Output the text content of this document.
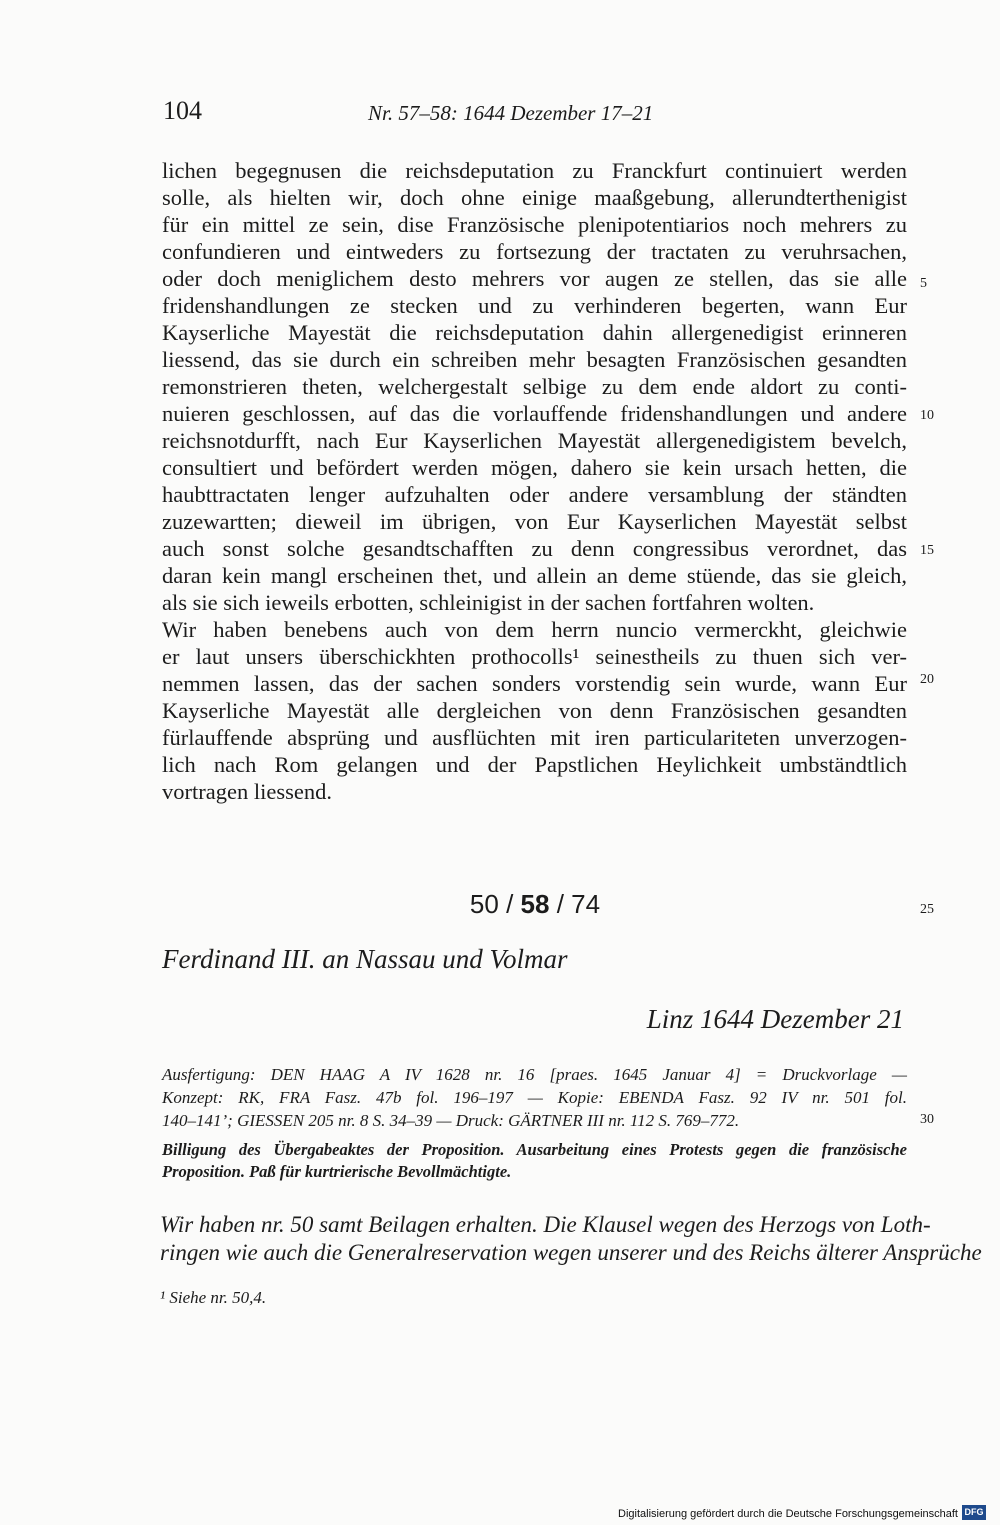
104	Nr. 57–58: 1644 Dezember 17–21
lichen begegnusen die reichsdeputation zu Franckfurt continuiert werden
solle, als hielten wir, doch ohne einige maaßgebung, allerundterthenigist
für ein mittel ze sein, dise Französische plenipotentiarios noch mehrers zu
confundieren und eintweders zu fortsezung der tractaten zu veruhrsachen,
oder doch meniglichem desto mehrers vor augen ze stellen, das sie alle
fridenshandlungen ze stecken und zu verhinderen begerten, wann Eur
Kayserliche Mayestät die reichsdeputation dahin allergenedigist erinneren
liessend, das sie durch ein schreiben mehr besagten Französischen gesandten
remonstrieren theten, welchergestalt selbige zu dem ende aldort zu conti-
nuieren geschlossen, auf das die vorlauffende fridenshandlungen und andere
reichsnotdurfft, nach Eur Kayserlichen Mayestät allergenedigistem bevelch,
consultiert und befördert werden mögen, dahero sie kein ursach hetten, die
haubttractaten lenger aufzuhalten oder andere versamblung der ständten
zuzewartten; dieweil im übrigen, von Eur Kayserlichen Mayestät selbst
auch sonst solche gesandtschafften zu denn congressibus verordnet, das
daran kein mangl erscheinen thet, und allein an deme stüende, das sie gleich,
als sie sich ieweils erbotten, schleinigist in der sachen fortfahren wolten.
Wir haben benebens auch von dem herrn nuncio vermerckht, gleichwie
er laut unsers überschickhten prothocolls¹ seinestheils zu thuen sich ver-
nemmen lassen, das der sachen sonders vorstendig sein wurde, wann Eur
Kayserliche Mayestät alle dergleichen von denn Französischen gesandten
fürlauffende absprüng und ausflüchten mit iren particulariteten unverzogen-
lich nach Rom gelangen und der Papstlichen Heylichkeit umbständtlich
vortragen liessend.
5
10
15
20
25
30
50 / 58 / 74
Ferdinand III. an Nassau und Volmar
Linz 1644 Dezember 21
Ausfertigung: DEN HAAG A IV 1628 nr. 16 [praes. 1645 Januar 4] = Druckvorlage —
Konzept: RK, FRA Fasz. 47b fol. 196–197 — Kopie: EBENDA Fasz. 92 IV nr. 501 fol.
140–141’; GIESSEN 205 nr. 8 S. 34–39 — Druck: GÄRTNER III nr. 112 S. 769–772.
Billigung des Übergabeaktes der Proposition. Ausarbeitung eines Protests gegen die französische
Proposition. Paß für kurtrierische Bevollmächtigte.
Wir haben nr. 50 samt Beilagen erhalten. Die Klausel wegen des Herzogs von Loth-
ringen wie auch die Generalreservation wegen unserer und des Reichs älterer Ansprüche
¹ Siehe nr. 50,4.
Digitalisierung gefördert durch die Deutsche Forschungsgemeinschaft DFG
